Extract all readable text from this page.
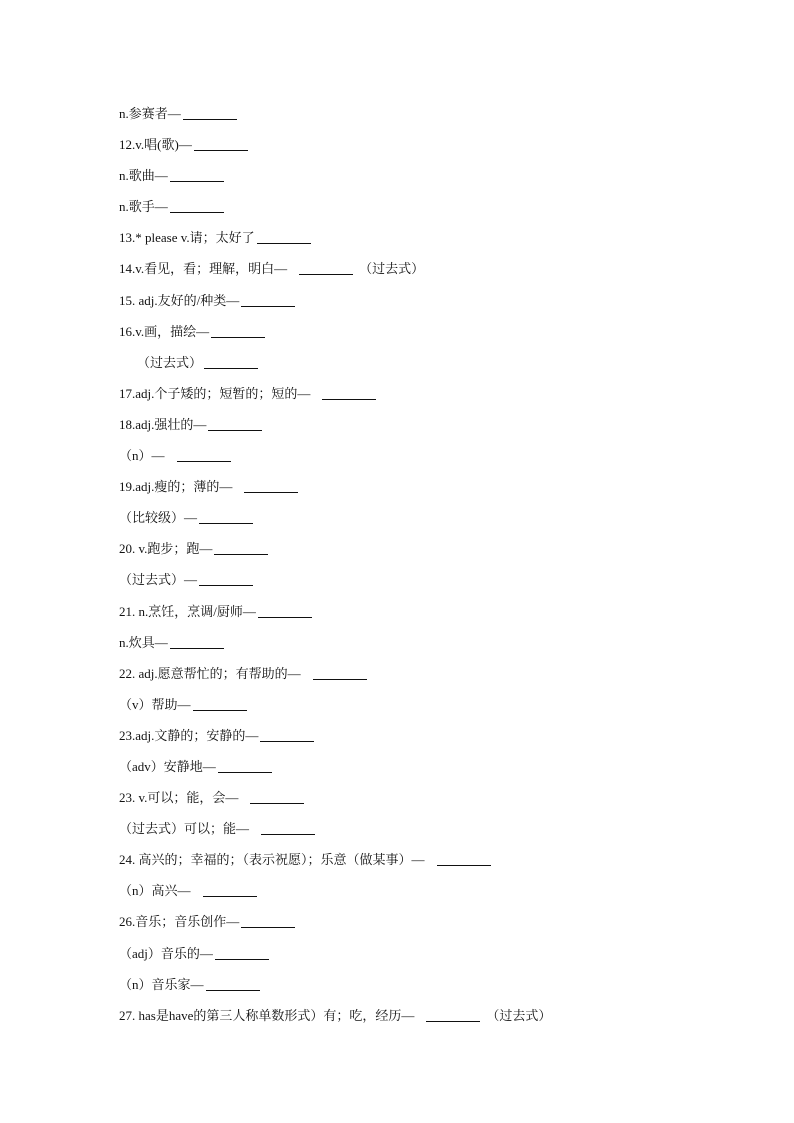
n.参赛者—
12.v.唱(歌)—
n.歌曲—
n.歌手—
13.* please v.请；太好了
14.v.看见，看；理解，明白—	（过去式）
15. adj.友好的/种类—
16.v.画，描绘—
（过去式）
17.adj.个子矮的；短暂的；短的—
18.adj.强壮的—
（n）—
19.adj.瘦的；薄的—
（比较级）—
20. v.跑步；跑—
（过去式）—
21. n.烹饪，烹调/厨师—
n.炊具—
22. adj.愿意帮忙的；有帮助的—
（v）帮助—
23.adj.文静的；安静的—
（adv）安静地—
23. v.可以；能，会—
（过去式）可以；能—
24. 高兴的；幸福的；（表示祝愿）；乐意（做某事）—
（n）高兴—
26.音乐；音乐创作—
（adj）音乐的—
（n）音乐家—
27. has是have的第三人称单数形式）有；吃，经历—	（过去式）
